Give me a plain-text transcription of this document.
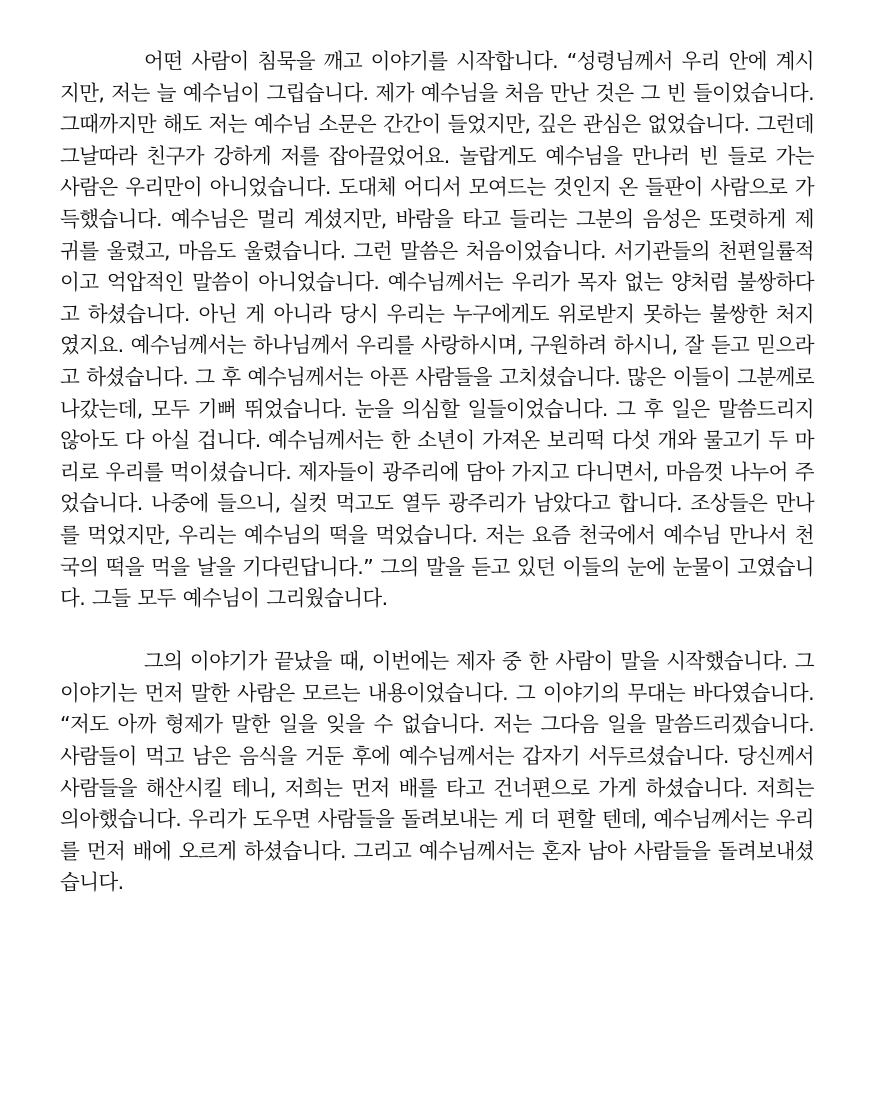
어떤 사람이 침묵을 깨고 이야기를 시작합니다. “성령님께서 우리 안에 계시지만, 저는 늘 예수님이 그립습니다. 제가 예수님을 처음 만난 것은 그 빈 들이었습니다. 그때까지만 해도 저는 예수님 소문은 간간이 들었지만, 깊은 관심은 없었습니다. 그런데 그날따라 친구가 강하게 저를 잡아끌었어요. 놀랍게도 예수님을 만나러 빈 들로 가는 사람은 우리만이 아니었습니다. 도대체 어디서 모여드는 것인지 온 들판이 사람으로 가득했습니다. 예수님은 멀리 계셨지만, 바람을 타고 들리는 그분의 음성은 또렷하게 제 귀를 울렸고, 마음도 울렸습니다. 그런 말씀은 처음이었습니다. 서기관들의 천편일률적이고 억압적인 말씀이 아니었습니다. 예수님께서는 우리가 목자 없는 양처럼 불쌍하다고 하셨습니다. 아닌 게 아니라 당시 우리는 누구에게도 위로받지 못하는 불쌍한 처지였지요. 예수님께서는 하나님께서 우리를 사랑하시며, 구원하려 하시니, 잘 듣고 믿으라고 하셨습니다. 그 후 예수님께서는 아픈 사람들을 고치셨습니다. 많은 이들이 그분께로 나갔는데, 모두 기뻐 뛰었습니다. 눈을 의심할 일들이었습니다. 그 후 일은 말씀드리지 않아도 다 아실 겁니다. 예수님께서는 한 소년이 가져온 보리떡 다섯 개와 물고기 두 마리로 우리를 먹이셨습니다. 제자들이 광주리에 담아 가지고 다니면서, 마음껏 나누어 주었습니다. 나중에 들으니, 실컷 먹고도 열두 광주리가 남았다고 합니다. 조상들은 만나를 먹었지만, 우리는 예수님의 떡을 먹었습니다. 저는 요즘 천국에서 예수님 만나서 천국의 떡을 먹을 날을 기다린답니다.” 그의 말을 듣고 있던 이들의 눈에 눈물이 고였습니다. 그들 모두 예수님이 그리웠습니다.

그의 이야기가 끝났을 때, 이번에는 제자 중 한 사람이 말을 시작했습니다. 그 이야기는 먼저 말한 사람은 모르는 내용이었습니다. 그 이야기의 무대는 바다였습니다. “저도 아까 형제가 말한 일을 잊을 수 없습니다. 저는 그다음 일을 말씀드리겠습니다. 사람들이 먹고 남은 음식을 거둔 후에 예수님께서는 갑자기 서두르셨습니다. 당신께서 사람들을 해산시킬 테니, 저희는 먼저 배를 타고 건너편으로 가게 하셨습니다. 저희는 의아했습니다. 우리가 도우면 사람들을 돌려보내는 게 더 편할 텐데, 예수님께서는 우리를 먼저 배에 오르게 하셨습니다. 그리고 예수님께서는 혼자 남아 사람들을 돌려보내셨습니다.
